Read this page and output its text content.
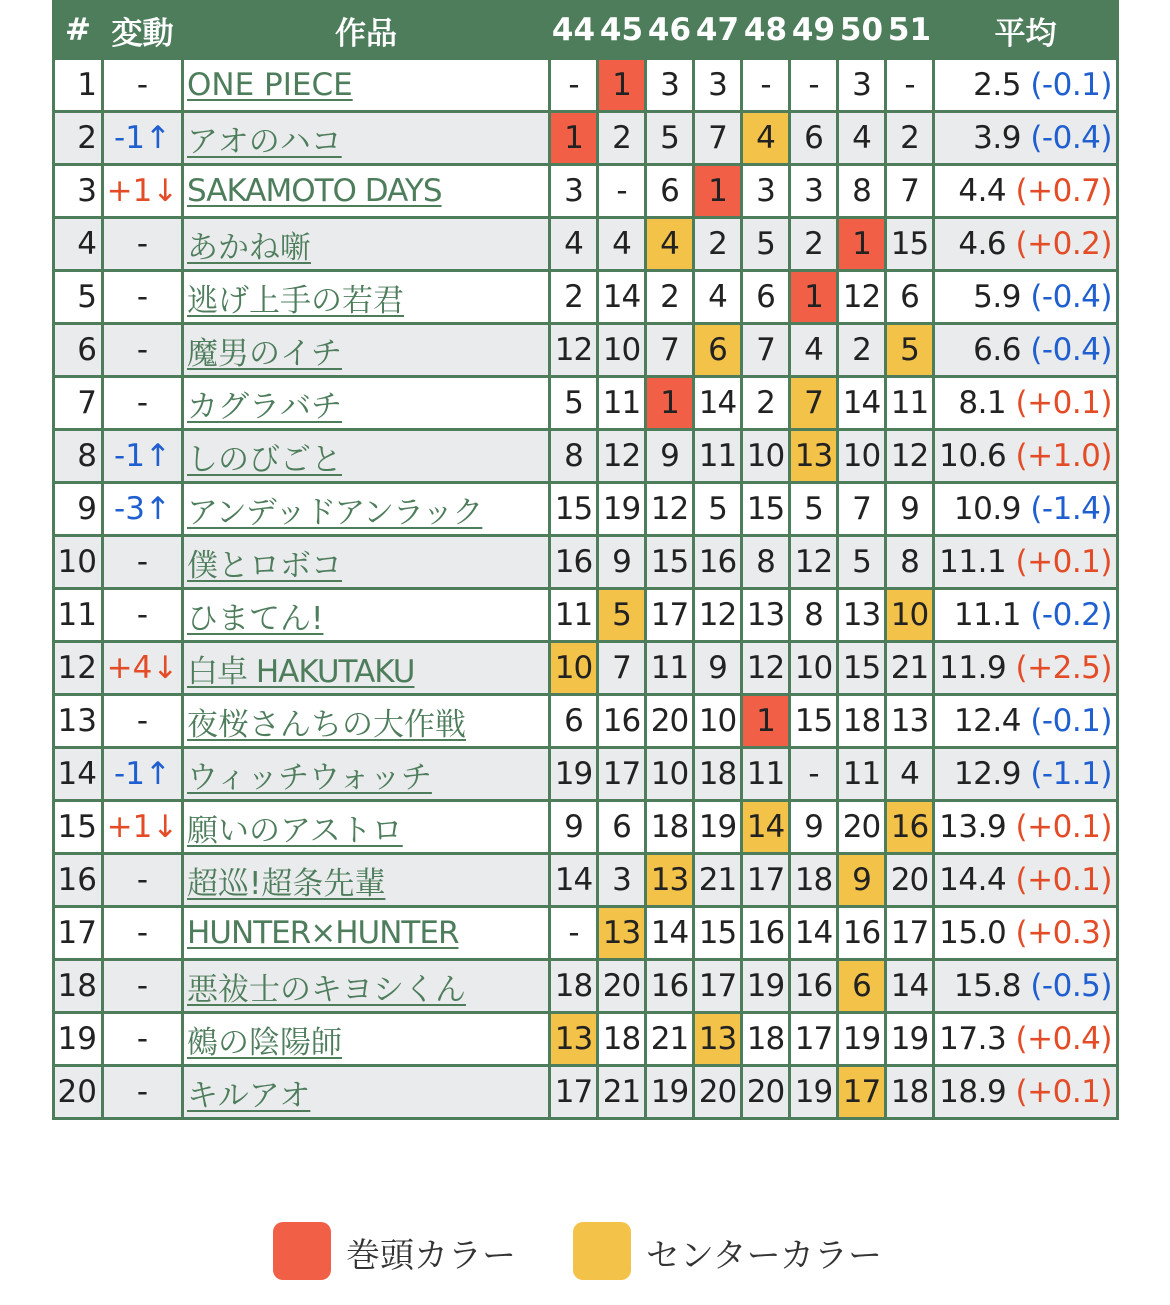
#	変動	作品	44	45	46	47	48	49	50	51	平均
1	-	ONE PIECE	-	1	3	3	-	-	3	-	2.5 (-0.1)
2	-1↑	アオのハコ	1	2	5	7	4	6	4	2	3.9 (-0.4)
3	+1↓	SAKAMOTO DAYS	3	-	6	1	3	3	8	7	4.4 (+0.7)
4	-	あかね噺	4	4	4	2	5	2	1	15	4.6 (+0.2)
5	-	逃げ上手の若君	2	14	2	4	6	1	12	6	5.9 (-0.4)
6	-	魔男のイチ	12	10	7	6	7	4	2	5	6.6 (-0.4)
7	-	カグラバチ	5	11	1	14	2	7	14	11	8.1 (+0.1)
8	-1↑	しのびごと	8	12	9	11	10	13	10	12	10.6 (+1.0)
9	-3↑	アンデッドアンラック	15	19	12	5	15	5	7	9	10.9 (-1.4)
10	-	僕とロボコ	16	9	15	16	8	12	5	8	11.1 (+0.1)
11	-	ひまてん!	11	5	17	12	13	8	13	10	11.1 (-0.2)
12	+4↓	白卓 HAKUTAKU	10	7	11	9	12	10	15	21	11.9 (+2.5)
13	-	夜桜さんちの大作戦	6	16	20	10	1	15	18	13	12.4 (-0.1)
14	-1↑	ウィッチウォッチ	19	17	10	18	11	-	11	4	12.9 (-1.1)
15	+1↓	願いのアストロ	9	6	18	19	14	9	20	16	13.9 (+0.1)
16	-	超巡!超条先輩	14	3	13	21	17	18	9	20	14.4 (+0.1)
17	-	HUNTER×HUNTER	-	13	14	15	16	14	16	17	15.0 (+0.3)
18	-	悪祓士のキヨシくん	18	20	16	17	19	16	6	14	15.8 (-0.5)
19	-	鵺の陰陽師	13	18	21	13	18	17	19	19	17.3 (+0.4)
20	-	キルアオ	17	21	19	20	20	19	17	18	18.9 (+0.1)
巻頭カラー	センターカラー
